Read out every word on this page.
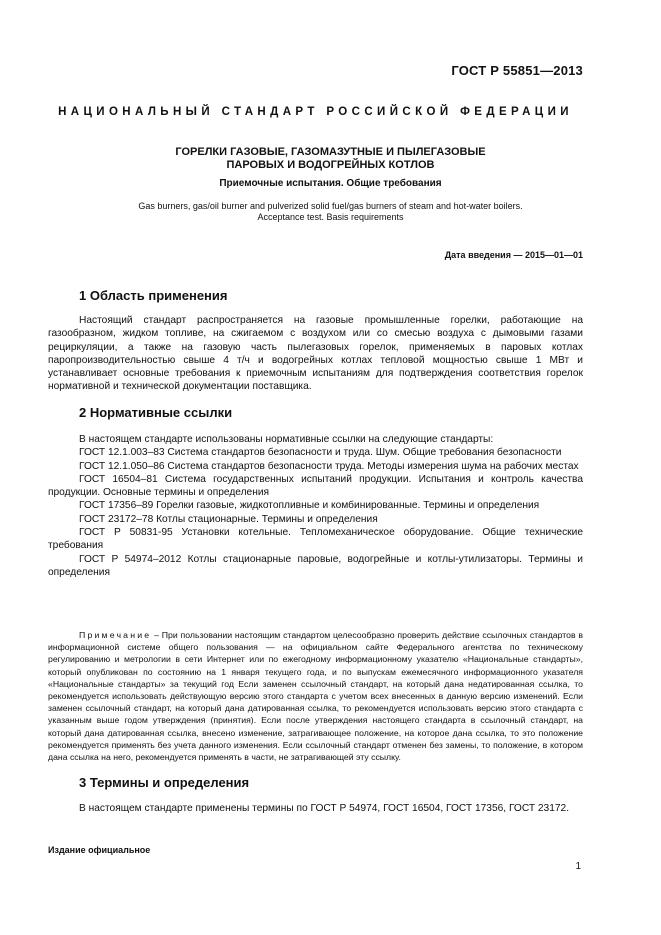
ГОСТ Р 55851—2013
НАЦИОНАЛЬНЫЙ СТАНДАРТ РОССИЙСКОЙ ФЕДЕРАЦИИ
ГОРЕЛКИ ГАЗОВЫЕ, ГАЗОМАЗУТНЫЕ И ПЫЛЕГАЗОВЫЕ
ПАРОВЫХ И ВОДОГРЕЙНЫХ КОТЛОВ
Приемочные испытания. Общие требования
Gas burners, gas/oil burner and pulverized solid fuel/gas burners of steam and hot-water boilers.
Acceptance test. Basis requirements
Дата введения — 2015—01—01
1 Область применения
Настоящий стандарт распространяется на газовые промышленные горелки, работающие на газообразном, жидком топливе, на сжигаемом с воздухом или со смесью воздуха с дымовыми газами рециркуляции, а также на газовую часть пылегазовых горелок, применяемых в паровых котлах паропроизводительностью свыше 4 т/ч и водогрейных котлах тепловой мощностью свыше 1 МВт и устанавливает основные требования к приемочным испытаниям для подтверждения соответствия горелок нормативной и технической документации поставщика.
2 Нормативные ссылки

В настоящем стандарте использованы нормативные ссылки на следующие стандарты:

ГОСТ 12.1.003–83 Система стандартов безопасности и труда. Шум. Общие требования безопасности

ГОСТ 12.1.050–86 Система стандартов безопасности труда. Методы измерения шума на рабочих местах

ГОСТ 16504–81 Система государственных испытаний продукции. Испытания и контроль качества продукции. Основные термины и определения

ГОСТ 17356–89 Горелки газовые, жидкотопливные и комбинированные. Термины и определения

ГОСТ 23172–78 Котлы стационарные. Термины и определения

ГОСТ Р 50831-95 Установки котельные. Тепломеханическое оборудование. Общие технические требования

ГОСТ Р 54974–2012 Котлы стационарные паровые, водогрейные и котлы-утилизаторы. Термины и определения

Примечание – При пользовании настоящим стандартом целесообразно проверить действие ссылочных стандартов в информационной системе общего пользования — на официальном сайте Федерального агентства по техническому регулированию и метрологии в сети Интернет или по ежегодному информационному указателю «Национальные стандарты», который опубликован по состоянию на 1 января текущего года, и по выпускам ежемесячного информационного указателя «Национальные стандарты» за текущий год Если заменен ссылочный стандарт, на который дана недатированная ссылка, то рекомендуется использовать действующую версию этого стандарта с учетом всех внесенных в данную версию изменений. Если заменен ссылочный стандарт, на который дана датированная ссылка, то рекомендуется использовать версию этого стандарта с указанным выше годом утверждения (принятия). Если после утверждения настоящего стандарта в ссылочный стандарт, на который дана датированная ссылка, внесено изменение, затрагивающее положение, на которое дана ссылка, то это положение рекомендуется применять без учета данного изменения. Если ссылочный стандарт отменен без замены, то положение, в котором дана ссылка на него, рекомендуется применять в части, не затрагивающей эту ссылку.
3 Термины и определения
В настоящем стандарте применены термины по ГОСТ Р 54974, ГОСТ 16504, ГОСТ 17356, ГОСТ 23172.
Издание официальное
1
